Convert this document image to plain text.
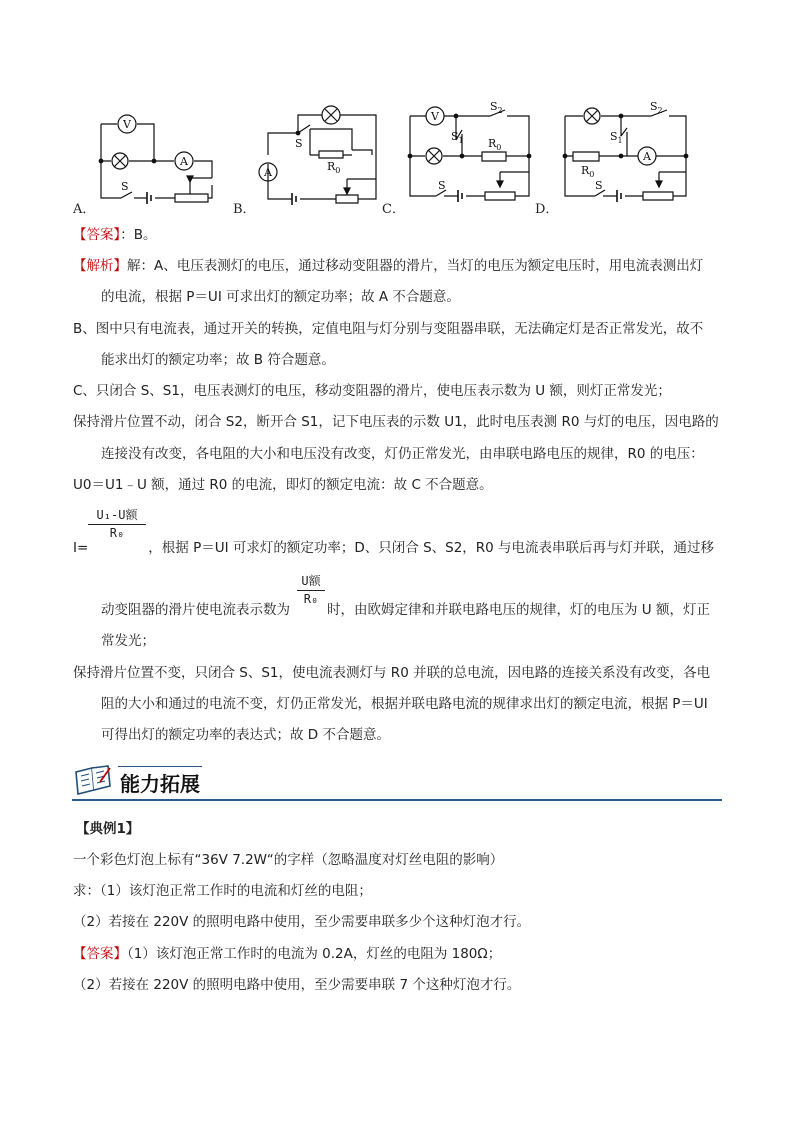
V
A
S
A
S
$R_0$
V
$S_2$
$S_1$ $R_0$
S
A
$S_2$
$S_1$
$R_0$
S
A．	B．	C．	D．
【答案】：B。
【解析】解：A、电压表测灯的电压，通过移动变阻器的滑片，当灯的电压为额定电压时，用电流表测出灯
的电流，根据 P＝UI 可求出灯的额定功率；故 A 不合题意。
B、图中只有电流表，通过开关的转换，定值电阻与灯分别与变阻器串联，无法确定灯是否正常发光，故不
能求出灯的额定功率；故 B 符合题意。
C、只闭合 S、S1，电压表测灯的电压，移动变阻器的滑片，使电压表示数为 U 额，则灯正常发光；
保持滑片位置不动，闭合 S2，断开合 S1，记下电压表的示数 U1，此时电压表测 R0 与灯的电压，因电路的
连接没有改变，各电阻的大小和电压没有改变，灯仍正常发光，由串联电路电压的规律，R0 的电压：
U0＝U1﹣U 额，通过 R0 的电流，即灯的额定电流：故 C 不合题意。
U₁-U额
R₀
I=	，根据 P＝UI 可求灯的额定功率；D、只闭合 S、S2，R0 与电流表串联后再与灯并联，通过移
U额
R₀
动变阻器的滑片使电流表示数为	时，由欧姆定律和并联电路电压的规律，灯的电压为 U 额，灯正
常发光；
保持滑片位置不变，只闭合 S、S1，使电流表测灯与 R0 并联的总电流，因电路的连接关系没有改变，各电
阻的大小和通过的电流不变，灯仍正常发光，根据并联电路电流的规律求出灯的额定电流，根据 P＝UI
可得出灯的额定功率的表达式；故 D 不合题意。
能力拓展
【典例1】
一个彩色灯泡上标有“36V 7.2W“的字样（忽略温度对灯丝电阻的影响）
求：（1）该灯泡正常工作时的电流和灯丝的电阻；
（2）若接在 220V 的照明电路中使用，至少需要串联多少个这种灯泡才行。
【答案】（1）该灯泡正常工作时的电流为 0.2A，灯丝的电阻为 180Ω；
（2）若接在 220V 的照明电路中使用，至少需要串联 7 个这种灯泡才行。
